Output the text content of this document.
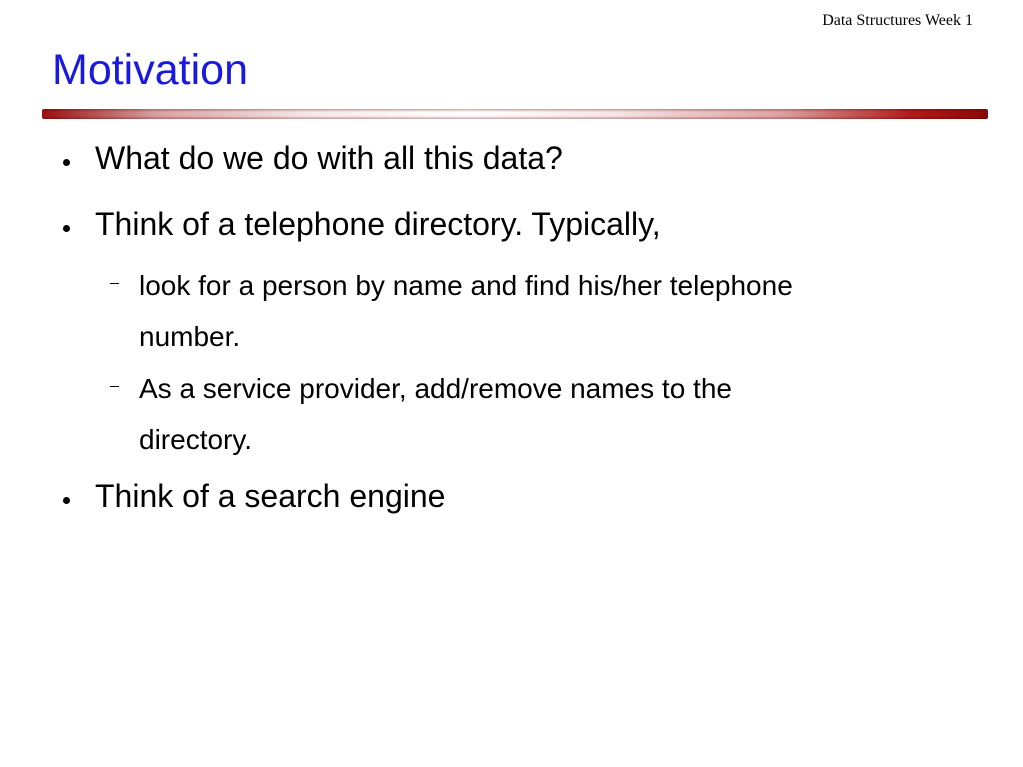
Data Structures Week 1
Motivation
What do we do with all this data?
Think of a telephone directory. Typically,
look for a person by name and find his/her telephone
number.
As a service provider, add/remove names to the
directory.
Think of a search engine
